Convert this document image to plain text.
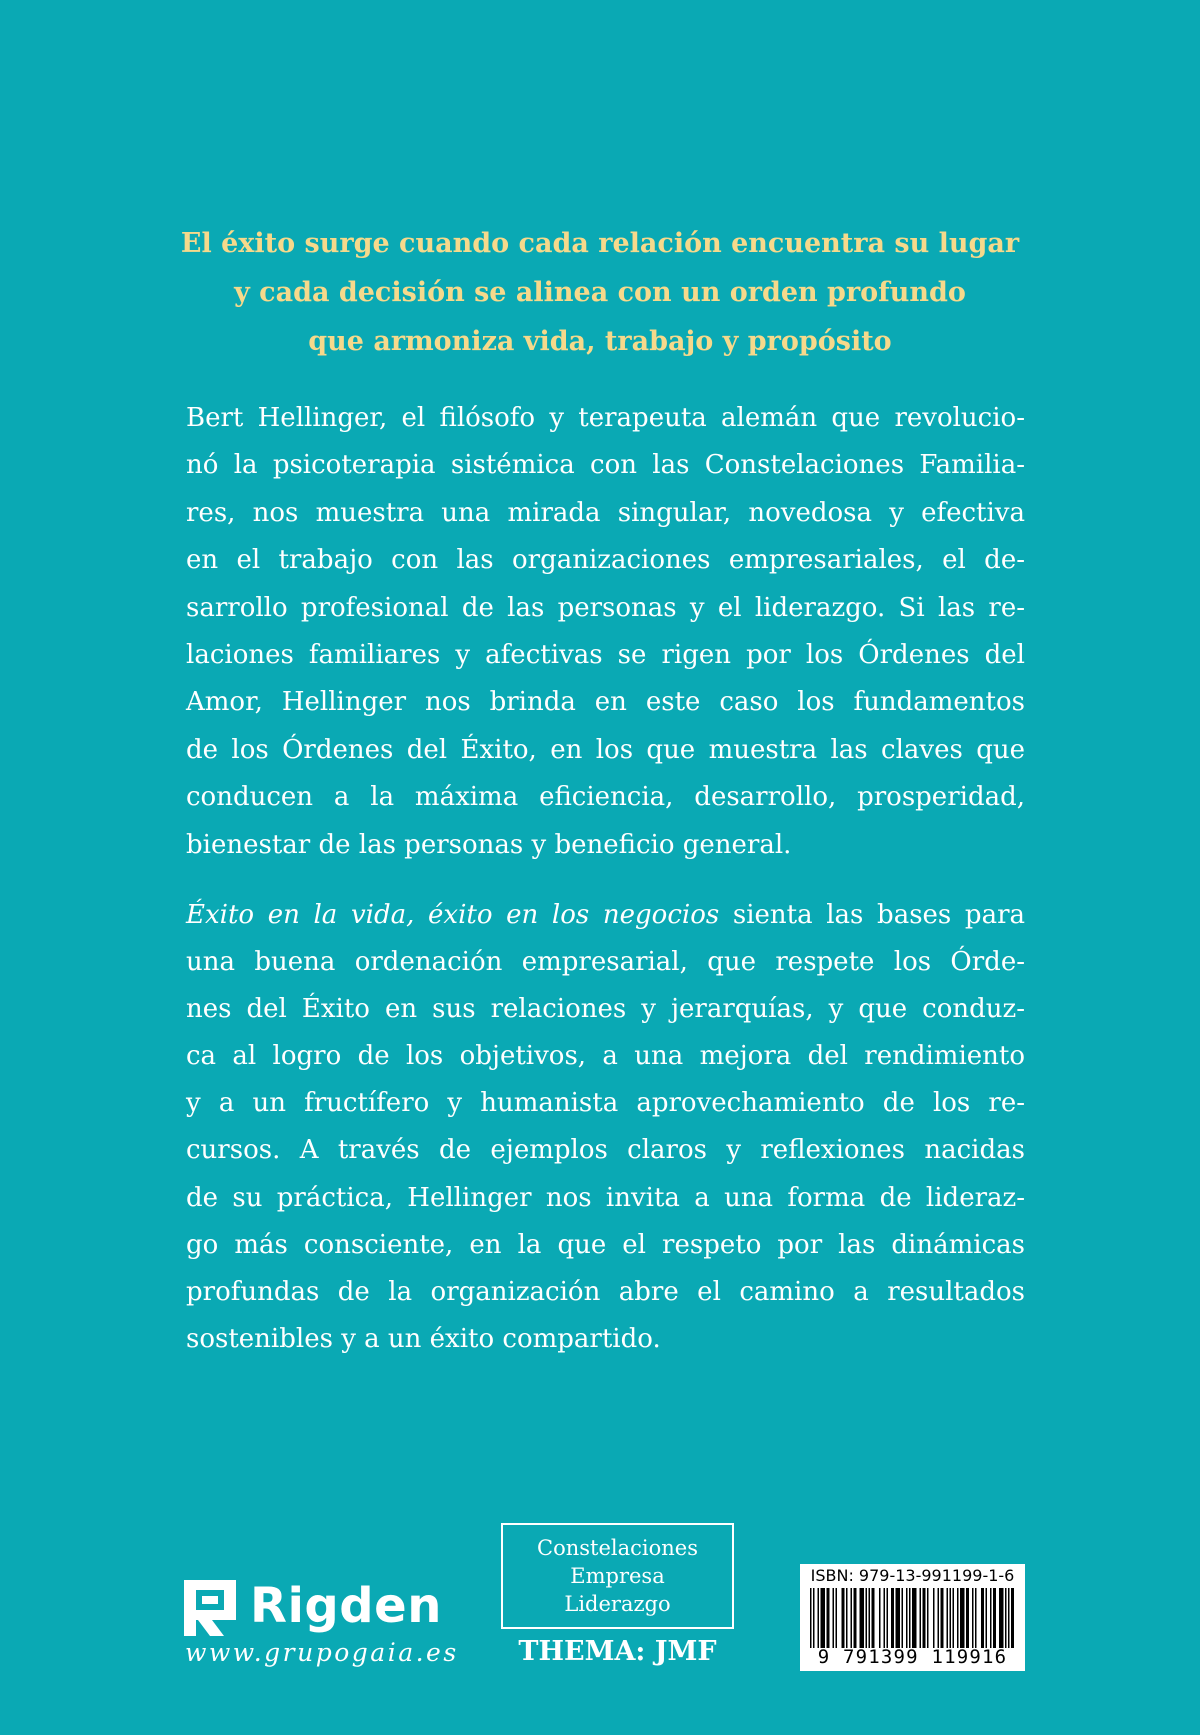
El éxito surge cuando cada relación encuentra su lugar
y cada decisión se alinea con un orden profundo
que armoniza vida, trabajo y propósito
Bert Hellinger, el filósofo y terapeuta alemán que revolucio-
nó la psicoterapia sistémica con las Constelaciones Familia-
res, nos muestra una mirada singular, novedosa y efectiva
en el trabajo con las organizaciones empresariales, el de-
sarrollo profesional de las personas y el liderazgo. Si las re-
laciones familiares y afectivas se rigen por los Órdenes del
Amor, Hellinger nos brinda en este caso los fundamentos
de los Órdenes del Éxito, en los que muestra las claves que
conducen a la máxima eficiencia, desarrollo, prosperidad,
bienestar de las personas y beneficio general.
Éxito en la vida, éxito en los negocios sienta las bases para
una buena ordenación empresarial, que respete los Órde-
nes del Éxito en sus relaciones y jerarquías, y que conduz-
ca al logro de los objetivos, a una mejora del rendimiento
y a un fructífero y humanista aprovechamiento de los re-
cursos. A través de ejemplos claros y reflexiones nacidas
de su práctica, Hellinger nos invita a una forma de lideraz-
go más consciente, en la que el respeto por las dinámicas
profundas de la organización abre el camino a resultados
sostenibles y a un éxito compartido.
Rigden
www.grupogaia.es
Constelaciones
Empresa
Liderazgo
THEMA: JMF
ISBN: 979-13-991199-1-6
9 791399 119916
